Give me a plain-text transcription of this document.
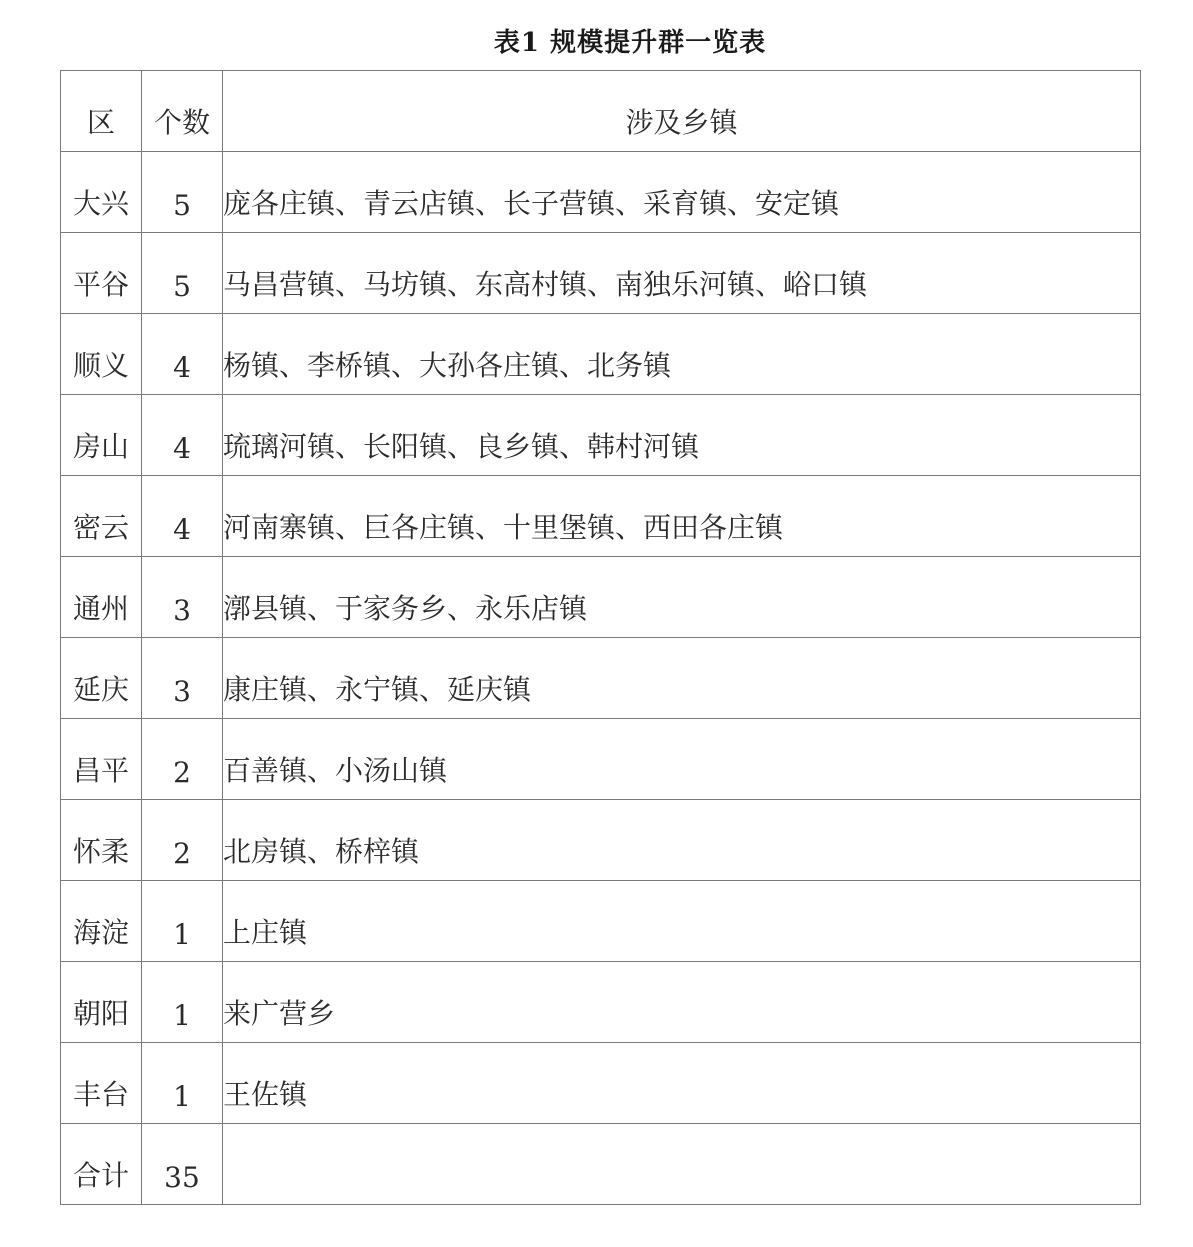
表1 规模提升群一览表
区	个数	涉及乡镇
大兴	5	庞各庄镇、青云店镇、长子营镇、采育镇、安定镇
平谷	5	马昌营镇、马坊镇、东高村镇、南独乐河镇、峪口镇
顺义	4	杨镇、李桥镇、大孙各庄镇、北务镇
房山	4	琉璃河镇、长阳镇、良乡镇、韩村河镇
密云	4	河南寨镇、巨各庄镇、十里堡镇、西田各庄镇
通州	3	漷县镇、于家务乡、永乐店镇
延庆	3	康庄镇、永宁镇、延庆镇
昌平	2	百善镇、小汤山镇
怀柔	2	北房镇、桥梓镇
海淀	1	上庄镇
朝阳	1	来广营乡
丰台	1	王佐镇
合计	35	
